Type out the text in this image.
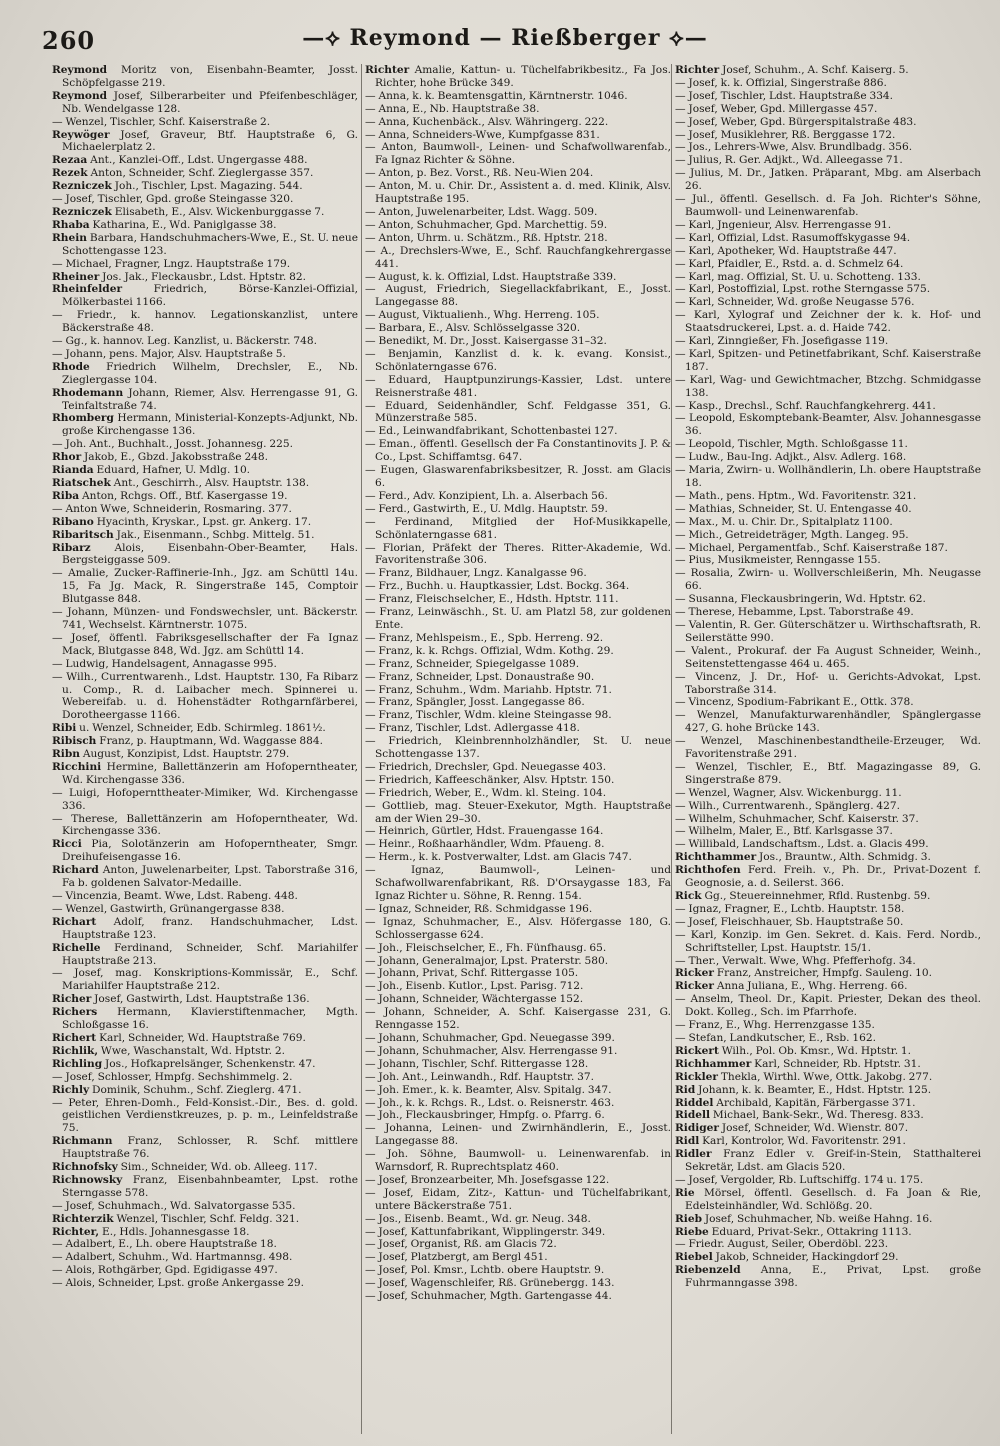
260	—⟡ Reymond — Rießberger ⟡—
Reymond Moritz von, Eisenbahn-Beamter, Josst. Schöpfelgasse 219.
Reymond Josef, Silberarbeiter und Pfeifenbeschläger, Nb. Wendelgasse 128.
— Wenzel, Tischler, Schf. Kaiserstraße 2.
Reywöger Josef, Graveur, Btf. Hauptstraße 6, G. Michaelerplatz 2.
Rezaa Ant., Kanzlei-Off., Ldst. Ungergasse 488.
Rezek Anton, Schneider, Schf. Zieglergasse 357.
Rezniczek Joh., Tischler, Lpst. Magazing. 544.
— Josef, Tischler, Gpd. große Steingasse 320.
Rezniczek Elisabeth, E., Alsv. Wickenburggasse 7.
Rhaba Katharina, E., Wd. Paniglgasse 38.
Rhein Barbara, Handschuhmachers-Wwe, E., St. U. neue Schottengasse 123.
— Michael, Fragner, Lngz. Hauptstraße 179.
Rheiner Jos. Jak., Fleckausbr., Ldst. Hptstr. 82.
Rheinfelder Friedrich, Börse-Kanzlei-Offizial, Mölkerbastei 1166.
— Friedr., k. hannov. Legationskanzlist, untere Bäckerstraße 48.
— Gg., k. hannov. Leg. Kanzlist, u. Bäckerstr. 748.
— Johann, pens. Major, Alsv. Hauptstraße 5.
Rhode Friedrich Wilhelm, Drechsler, E., Nb. Zieglergasse 104.
Rhodemann Johann, Riemer, Alsv. Herrengasse 91, G. Teinfaltstraße 74.
Rhomberg Hermann, Ministerial-Konzepts-Adjunkt, Nb. große Kirchengasse 136.
— Joh. Ant., Buchhalt., Josst. Johannesg. 225.
Rhor Jakob, E., Gbzd. Jakobsstraße 248.
Rianda Eduard, Hafner, U. Mdlg. 10.
Riatschek Ant., Geschirrh., Alsv. Hauptstr. 138.
Riba Anton, Rchgs. Off., Btf. Kasergasse 19.
— Anton Wwe, Schneiderin, Rosmaring. 377.
Ribano Hyacinth, Kryskar., Lpst. gr. Ankerg. 17.
Ribaritsch Jak., Eisenmann., Schbg. Mittelg. 51.
Ribarz Alois, Eisenbahn-Ober-Beamter, Hals. Bergsteiggasse 509.
— Amalie, Zucker-Raffinerie-Inh., Jgz. am Schüttl 14u. 15, Fa Jg. Mack, R. Singerstraße 145, Comptoir Blutgasse 848.
— Johann, Münzen- und Fondswechsler, unt. Bäckerstr. 741, Wechselst. Kärntnerstr. 1075.
— Josef, öffentl. Fabriksgesellschafter der Fa Ignaz Mack, Blutgasse 848, Wd. Jgz. am Schüttl 14.
— Ludwig, Handelsagent, Annagasse 995.
— Wilh., Currentwarenh., Ldst. Hauptstr. 130, Fa Ribarz u. Comp., R. d. Laibacher mech. Spinnerei u. Webereifab. u. d. Hohenstädter Rothgarnfärberei, Dorotheergasse 1166.
Ribi u. Wenzel, Schneider, Edb. Schirmleg. 1861½.
Ribisch Franz, p. Hauptmann, Wd. Waggasse 884.
Ribn August, Konzipist, Ldst. Hauptstr. 279.
Ricchini Hermine, Ballettänzerin am Hofoperntheater, Wd. Kirchengasse 336.
— Luigi, Hofopernttheater-Mimiker, Wd. Kirchengasse 336.
— Therese, Ballettänzerin am Hofoperntheater, Wd. Kirchengasse 336.
Ricci Pia, Solotänzerin am Hofoperntheater, Smgr. Dreihufeisengasse 16.
Richard Anton, Juwelenarbeiter, Lpst. Taborstraße 316, Fa b. goldenen Salvator-Medaille.
— Vincenzia, Beamt. Wwe, Ldst. Rabeng. 448.
— Wenzel, Gastwirth, Grünangergasse 838.
Richart Adolf, franz. Handschuhmacher, Ldst. Hauptstraße 123.
Richelle Ferdinand, Schneider, Schf. Mariahilfer Hauptstraße 213.
— Josef, mag. Konskriptions-Kommissär, E., Schf. Mariahilfer Hauptstraße 212.
Richer Josef, Gastwirth, Ldst. Hauptstraße 136.
Richers Hermann, Klavierstiftenmacher, Mgth. Schloßgasse 16.
Richert Karl, Schneider, Wd. Hauptstraße 769.
Richlik, Wwe, Waschanstalt, Wd. Hptstr. 2.
Richling Jos., Hofkaprelsänger, Schenkenstr. 47.
— Josef, Schlosser, Hmpfg. Sechshimmelg. 2.
Richly Dominik, Schuhm., Schf. Zieglerg. 471.
— Peter, Ehren-Domh., Feld-Konsist.-Dir., Bes. d. gold. geistlichen Verdienstkreuzes, p. p. m., Leinfeldstraße 75.
Richmann Franz, Schlosser, R. Schf. mittlere Hauptstraße 76.
Richnofsky Sim., Schneider, Wd. ob. Alleeg. 117.
Richnowsky Franz, Eisenbahnbeamter, Lpst. rothe Sterngasse 578.
— Josef, Schuhmach., Wd. Salvatorgasse 535.
Richterzik Wenzel, Tischler, Schf. Feldg. 321.
Richter, E., Hdls. Johannesgasse 18.
— Adalbert, E., Lh. obere Hauptstraße 18.
— Adalbert, Schuhm., Wd. Hartmannsg. 498.
— Alois, Rothgärber, Gpd. Egidigasse 497.
— Alois, Schneider, Lpst. große Ankergasse 29.
Richter Amalie, Kattun- u. Tüchelfabrikbesitz., Fa Jos. Richter, hohe Brücke 349.
— Anna, k. k. Beamtensgattin, Kärntnerstr. 1046.
— Anna, E., Nb. Hauptstraße 38.
— Anna, Kuchenbäck., Alsv. Währingerg. 222.
— Anna, Schneiders-Wwe, Kumpfgasse 831.
— Anton, Baumwoll-, Leinen- und Schafwollwarenfab., Fa Ignaz Richter & Söhne.
— Anton, p. Bez. Vorst., Rß. Neu-Wien 204.
— Anton, M. u. Chir. Dr., Assistent a. d. med. Klinik, Alsv. Hauptstraße 195.
— Anton, Juwelenarbeiter, Ldst. Wagg. 509.
— Anton, Schuhmacher, Gpd. Marchettig. 59.
— Anton, Uhrm. u. Schätzm., Rß. Hptstr. 218.
— A., Drechslers-Wwe, E., Schf. Rauchfangkehrergasse 441.
— August, k. k. Offizial, Ldst. Hauptstraße 339.
— August, Friedrich, Siegellackfabrikant, E., Josst. Langegasse 88.
— August, Viktualienh., Whg. Herreng. 105.
— Barbara, E., Alsv. Schlösselgasse 320.
— Benedikt, M. Dr., Josst. Kaisergasse 31–32.
— Benjamin, Kanzlist d. k. k. evang. Konsist., Schönlaterngasse 676.
— Eduard, Hauptpunzirungs-Kassier, Ldst. untere Reisnerstraße 481.
— Eduard, Seidenhändler, Schf. Feldgasse 351, G. Münzerstraße 585.
— Ed., Leinwandfabrikant, Schottenbastei 127.
— Eman., öffentl. Gesellsch der Fa Constantinovits J. P. & Co., Lpst. Schiffamtsg. 647.
— Eugen, Glaswarenfabriksbesitzer, R. Josst. am Glacis 6.
— Ferd., Adv. Konzipient, Lh. a. Alserbach 56.
— Ferd., Gastwirth, E., U. Mdlg. Hauptstr. 59.
— Ferdinand, Mitglied der Hof-Musikkapelle, Schönlaterngasse 681.
— Florian, Präfekt der Theres. Ritter-Akademie, Wd. Favoritenstraße 306.
— Franz, Bildhauer, Lngz. Kanalgasse 96.
— Frz., Buchh. u. Hauptkassier, Ldst. Bockg. 364.
— Franz, Fleischselcher, E., Hdsth. Hptstr. 111.
— Franz, Leinwäschh., St. U. am Platzl 58, zur goldenen Ente.
— Franz, Mehlspeism., E., Spb. Herreng. 92.
— Franz, k. k. Rchgs. Offizial, Wdm. Kothg. 29.
— Franz, Schneider, Spiegelgasse 1089.
— Franz, Schneider, Lpst. Donaustraße 90.
— Franz, Schuhm., Wdm. Mariahb. Hptstr. 71.
— Franz, Spängler, Josst. Langegasse 86.
— Franz, Tischler, Wdm. kleine Steingasse 98.
— Franz, Tischler, Ldst. Adlergasse 418.
— Friedrich, Kleinbrennholzhändler, St. U. neue Schottengasse 137.
— Friedrich, Drechsler, Gpd. Neuegasse 403.
— Friedrich, Kaffeeschänker, Alsv. Hptstr. 150.
— Friedrich, Weber, E., Wdm. kl. Steing. 104.
— Gottlieb, mag. Steuer-Exekutor, Mgth. Hauptstraße am der Wien 29–30.
— Heinrich, Gürtler, Hdst. Frauengasse 164.
— Heinr., Roßhaarhändler, Wdm. Pfaueng. 8.
— Herm., k. k. Postverwalter, Ldst. am Glacis 747.
— Ignaz, Baumwoll-, Leinen- und Schafwollwarenfabrikant, Rß. D'Orsaygasse 183, Fa Ignaz Richter u. Söhne, R. Renng. 154.
— Ignaz, Schneider, Rß. Schmidgasse 196.
— Ignaz, Schuhmacher, E., Alsv. Höfergasse 180, G. Schlossergasse 624.
— Joh., Fleischselcher, E., Fh. Fünfhausg. 65.
— Johann, Generalmajor, Lpst. Praterstr. 580.
— Johann, Privat, Schf. Rittergasse 105.
— Joh., Eisenb. Kutlor., Lpst. Parisg. 712.
— Johann, Schneider, Wächtergasse 152.
— Johann, Schneider, A. Schf. Kaisergasse 231, G. Renngasse 152.
— Johann, Schuhmacher, Gpd. Neuegasse 399.
— Johann, Schuhmacher, Alsv. Herrengasse 91.
— Johann, Tischler, Schf. Rittergasse 128.
— Joh. Ant., Leinwandh., Rdf. Hauptstr. 37.
— Joh. Emer., k. k. Beamter, Alsv. Spitalg. 347.
— Joh., k. k. Rchgs. R., Ldst. o. Reisnerstr. 463.
— Joh., Fleckausbringer, Hmpfg. o. Pfarrg. 6.
— Johanna, Leinen- und Zwirnhändlerin, E., Josst. Langegasse 88.
— Joh. Söhne, Baumwoll- u. Leinenwarenfab. in Warnsdorf, R. Ruprechtsplatz 460.
— Josef, Bronzearbeiter, Mh. Josefsgasse 122.
— Josef, Eidam, Zitz-, Kattun- und Tüchelfabrikant, untere Bäckerstraße 751.
— Jos., Eisenb. Beamt., Wd. gr. Neug. 348.
— Josef, Kattunfabrikant, Wipplingerstr. 349.
— Josef, Organist, Rß. am Glacis 72.
— Josef, Platzbergt, am Bergl 451.
— Josef, Pol. Kmsr., Lchtb. obere Hauptstr. 9.
— Josef, Wagenschleifer, Rß. Grünebergg. 143.
— Josef, Schuhmacher, Mgth. Gartengasse 44.
Richter Josef, Schuhm., A. Schf. Kaiserg. 5.
— Josef, k. k. Offizial, Singerstraße 886.
— Josef, Tischler, Ldst. Hauptstraße 334.
— Josef, Weber, Gpd. Millergasse 457.
— Josef, Weber, Gpd. Bürgerspitalstraße 483.
— Josef, Musiklehrer, Rß. Berggasse 172.
— Jos., Lehrers-Wwe, Alsv. Brundlbadg. 356.
— Julius, R. Ger. Adjkt., Wd. Alleegasse 71.
— Julius, M. Dr., Jatken. Präparant, Mbg. am Alserbach 26.
— Jul., öffentl. Gesellsch. d. Fa Joh. Richter's Söhne, Baumwoll- und Leinenwarenfab.
— Karl, Jngenieur, Alsv. Herrengasse 91.
— Karl, Offizial, Ldst. Rasumoffskygasse 94.
— Karl, Apotheker, Wd. Hauptstraße 447.
— Karl, Pfaidler, E., Rstd. a. d. Schmelz 64.
— Karl, mag. Offizial, St. U. u. Schotteng. 133.
— Karl, Postoffizial, Lpst. rothe Sterngasse 575.
— Karl, Schneider, Wd. große Neugasse 576.
— Karl, Xylograf und Zeichner der k. k. Hof- und Staatsdruckerei, Lpst. a. d. Haide 742.
— Karl, Zinngießer, Fh. Josefigasse 119.
— Karl, Spitzen- und Petinetfabrikant, Schf. Kaiserstraße 187.
— Karl, Wag- und Gewichtmacher, Btzchg. Schmidgasse 138.
— Kasp., Drechsl., Schf. Rauchfangkehrerg. 441.
— Leopold, Eskomptebank-Beamter, Alsv. Johannesgasse 36.
— Leopold, Tischler, Mgth. Schloßgasse 11.
— Ludw., Bau-Ing. Adjkt., Alsv. Adlerg. 168.
— Maria, Zwirn- u. Wollhändlerin, Lh. obere Hauptstraße 18.
— Math., pens. Hptm., Wd. Favoritenstr. 321.
— Mathias, Schneider, St. U. Entengasse 40.
— Max., M. u. Chir. Dr., Spitalplatz 1100.
— Mich., Getreideträger, Mgth. Langeg. 95.
— Michael, Pergamentfab., Schf. Kaiserstraße 187.
— Pius, Musikmeister, Renngasse 155.
— Rosalia, Zwirn- u. Wollverschleißerin, Mh. Neugasse 66.
— Susanna, Fleckausbringerin, Wd. Hptstr. 62.
— Therese, Hebamme, Lpst. Taborstraße 49.
— Valentin, R. Ger. Güterschätzer u. Wirthschaftsrath, R. Seilerstätte 990.
— Valent., Prokuraf. der Fa August Schneider, Weinh., Seitenstettengasse 464 u. 465.
— Vincenz, J. Dr., Hof- u. Gerichts-Advokat, Lpst. Taborstraße 314.
— Vincenz, Spodium-Fabrikant E., Ottk. 378.
— Wenzel, Manufakturwarenhändler, Spänglergasse 427, G. hohe Brücke 143.
— Wenzel, Maschinenbestandtheile-Erzeuger, Wd. Favoritenstraße 291.
— Wenzel, Tischler, E., Btf. Magazingasse 89, G. Singerstraße 879.
— Wenzel, Wagner, Alsv. Wickenburgg. 11.
— Wilh., Currentwarenh., Spänglerg. 427.
— Wilhelm, Schuhmacher, Schf. Kaiserstr. 37.
— Wilhelm, Maler, E., Btf. Karlsgasse 37.
— Willibald, Landschaftsm., Ldst. a. Glacis 499.
Richthammer Jos., Brauntw., Alth. Schmidg. 3.
Richthofen Ferd. Freih. v., Ph. Dr., Privat-Dozent f. Geognosie, a. d. Seilerst. 366.
Rick Gg., Steuereinnehmer, Rfld. Rustenbg. 59.
— Ignaz, Fragner, E., Lchtb. Hauptstr. 158.
— Josef, Fleischhauer, Sb. Hauptstraße 50.
— Karl, Konzip. im Gen. Sekret. d. Kais. Ferd. Nordb., Schriftsteller, Lpst. Hauptstr. 15/1.
— Ther., Verwalt. Wwe, Whg. Pfefferhofg. 34.
Ricker Franz, Anstreicher, Hmpfg. Sauleng. 10.
Ricker Anna Juliana, E., Whg. Herreng. 66.
— Anselm, Theol. Dr., Kapit. Priester, Dekan des theol. Dokt. Kolleg., Sch. im Pfarrhofe.
— Franz, E., Whg. Herrenzgasse 135.
— Stefan, Landkutscher, E., Rsb. 162.
Rickert Wilh., Pol. Ob. Kmsr., Wd. Hptstr. 1.
Richhammer Karl, Schneider, Rb. Hptstr. 31.
Rickler Thekla, Wirthl. Wwe, Ottk. Jakobg. 277.
Rid Johann, k. k. Beamter, E., Hdst. Hptstr. 125.
Riddel Archibald, Kapitän, Färbergasse 371.
Ridell Michael, Bank-Sekr., Wd. Theresg. 833.
Ridiger Josef, Schneider, Wd. Wienstr. 807.
Ridl Karl, Kontrolor, Wd. Favoritenstr. 291.
Ridler Franz Edler v. Greif-in-Stein, Statthalterei Sekretär, Ldst. am Glacis 520.
— Josef, Vergolder, Rb. Luftschiffg. 174 u. 175.
Rie Mörsel, öffentl. Gesellsch. d. Fa Joan & Rie, Edelsteinhändler, Wd. Schlößg. 20.
Rieb Josef, Schuhmacher, Nb. weiße Hahng. 16.
Riebe Eduard, Privat-Sekr., Ottakring 1113.
— Friedr. August, Seiler, Oberdöbl. 223.
Riebel Jakob, Schneider, Hackingdorf 29.
Riebenzeld Anna, E., Privat, Lpst. große Fuhrmanngasse 398.
